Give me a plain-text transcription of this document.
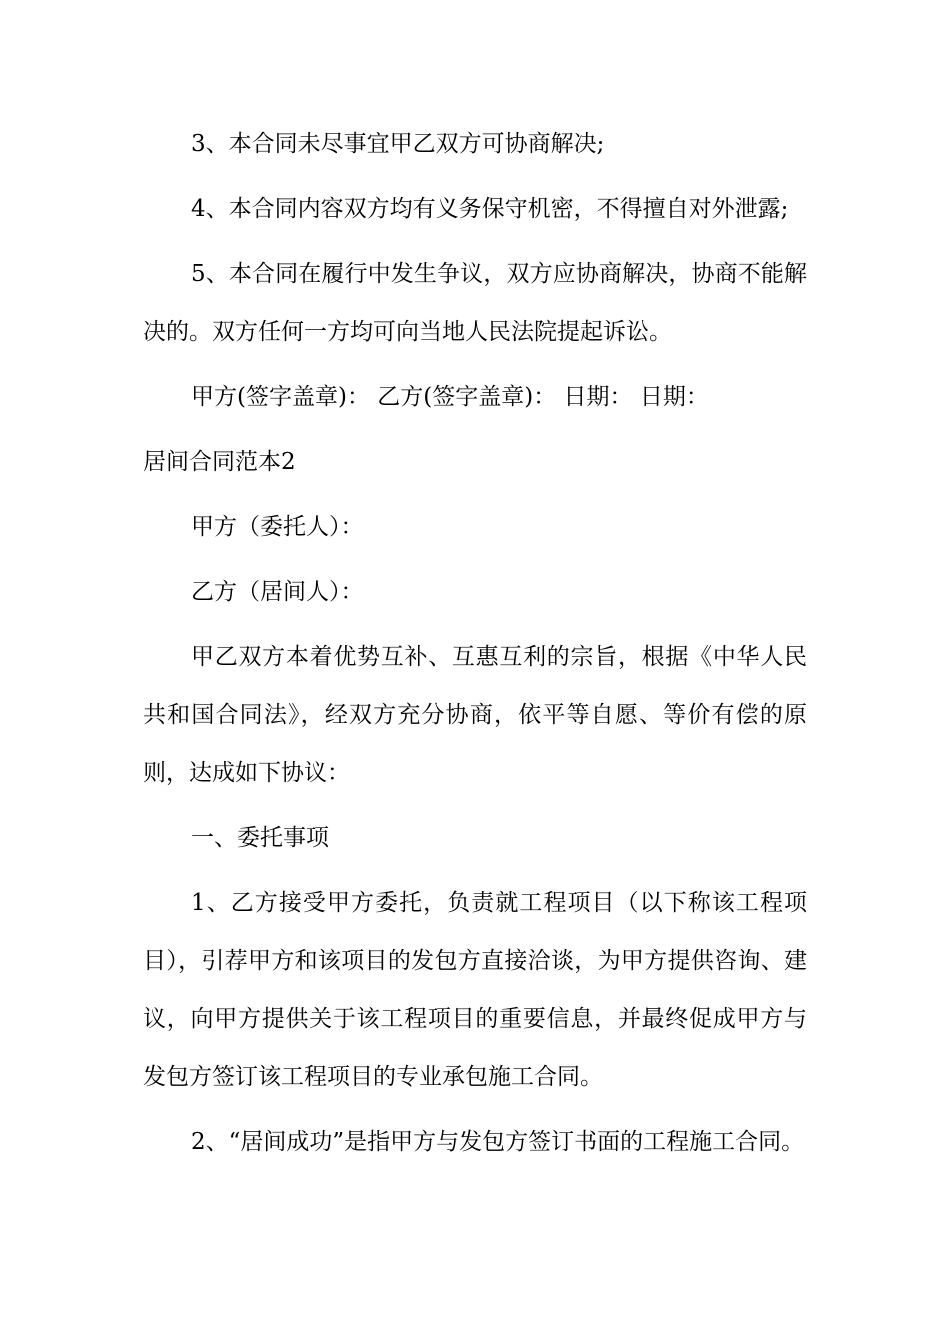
3、本合同未尽事宜甲乙双方可协商解决;

4、本合同内容双方均有义务保守机密，不得擅自对外泄露;

5、本合同在履行中发生争议，双方应协商解决，协商不能解决的。双方任何一方均可向当地人民法院提起诉讼。

甲方(签字盖章)： 乙方(签字盖章)： 日期： 日期：

居间合同范本2

甲方（委托人）：

乙方（居间人）：

甲乙双方本着优势互补、互惠互利的宗旨，根据《中华人民共和国合同法》，经双方充分协商，依平等自愿、等价有偿的原则，达成如下协议：

一、委托事项

1、乙方接受甲方委托，负责就工程项目（以下称该工程项目），引荐甲方和该项目的发包方直接洽谈，为甲方提供咨询、建议，向甲方提供关于该工程项目的重要信息，并最终促成甲方与发包方签订该工程项目的专业承包施工合同。

2、“居间成功”是指甲方与发包方签订书面的工程施工合同。
